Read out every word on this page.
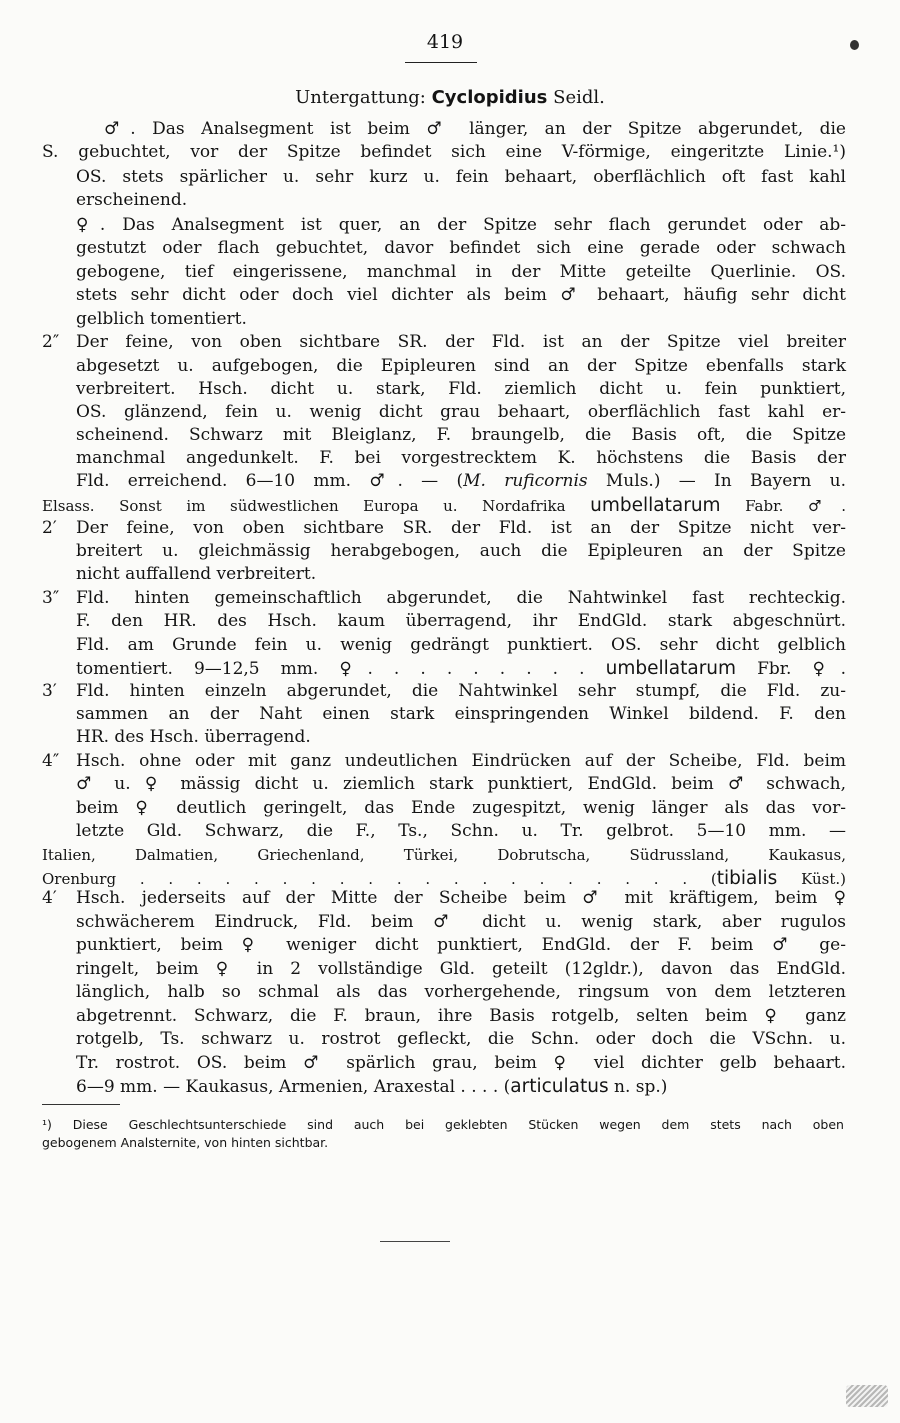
419
Untergattung: Cyclopidius Seidl.
♂. Das Analsegment ist beim ♂ länger, an der Spitze abgerundet, die
S. gebuchtet, vor der Spitze befindet sich eine V-förmige, eingeritzte Linie.¹)
OS. stets spärlicher u. sehr kurz u. fein behaart, oberflächlich oft fast kahl
erscheinend.
♀. Das Analsegment ist quer, an der Spitze sehr flach gerundet oder ab-
gestutzt oder flach gebuchtet, davor befindet sich eine gerade oder schwach
gebogene, tief eingerissene, manchmal in der Mitte geteilte Querlinie. OS.
stets sehr dicht oder doch viel dichter als beim ♂ behaart, häufig sehr dicht
gelblich tomentiert.
Der feine, von oben sichtbare SR. der Fld. ist an der Spitze viel breiter
2″
abgesetzt u. aufgebogen, die Epipleuren sind an der Spitze ebenfalls stark
verbreitert. Hsch. dicht u. stark, Fld. ziemlich dicht u. fein punktiert,
OS. glänzend, fein u. wenig dicht grau behaart, oberflächlich fast kahl er-
scheinend. Schwarz mit Bleiglanz, F. braungelb, die Basis oft, die Spitze
manchmal angedunkelt. F. bei vorgestrecktem K. höchstens die Basis der
Fld. erreichend. 6—10 mm. ♂. — (M. ruficornis Muls.) — In Bayern u.
Elsass. Sonst im südwestlichen Europa u. Nordafrika umbellatarum Fabr. ♂.
Der feine, von oben sichtbare SR. der Fld. ist an der Spitze nicht ver-
2′
breitert u. gleichmässig herabgebogen, auch die Epipleuren an der Spitze
nicht auffallend verbreitert.
Fld. hinten gemeinschaftlich abgerundet, die Nahtwinkel fast rechteckig.
3″
F. den HR. des Hsch. kaum überragend, ihr EndGld. stark abgeschnürt.
Fld. am Grunde fein u. wenig gedrängt punktiert. OS. sehr dicht gelblich
tomentiert. 9—12,5 mm. ♀. . . . . . . . . umbellatarum Fbr. ♀.
Fld. hinten einzeln abgerundet, die Nahtwinkel sehr stumpf, die Fld. zu-
3′
sammen an der Naht einen stark einspringenden Winkel bildend. F. den
HR. des Hsch. überragend.
Hsch. ohne oder mit ganz undeutlichen Eindrücken auf der Scheibe, Fld. beim
4″
♂ u. ♀ mässig dicht u. ziemlich stark punktiert, EndGld. beim ♂ schwach,
beim ♀ deutlich geringelt, das Ende zugespitzt, wenig länger als das vor-
letzte Gld. Schwarz, die F., Ts., Schn. u. Tr. gelbrot. 5—10 mm. —
Italien, Dalmatien, Griechenland, Türkei, Dobrutscha, Südrussland, Kaukasus,
Orenburg . . . . . . . . . . . . . . . . . . . . (tibialis Küst.)
Hsch. jederseits auf der Mitte der Scheibe beim ♂ mit kräftigem, beim ♀
4′
schwächerem Eindruck, Fld. beim ♂ dicht u. wenig stark, aber rugulos
punktiert, beim ♀ weniger dicht punktiert, EndGld. der F. beim ♂ ge-
ringelt, beim ♀ in 2 vollständige Gld. geteilt (12gldr.), davon das EndGld.
länglich, halb so schmal als das vorhergehende, ringsum von dem letzteren
abgetrennt. Schwarz, die F. braun, ihre Basis rotgelb, selten beim ♀ ganz
rotgelb, Ts. schwarz u. rostrot gefleckt, die Schn. oder doch die VSchn. u.
Tr. rostrot. OS. beim ♂ spärlich grau, beim ♀ viel dichter gelb behaart.
6—9 mm. — Kaukasus, Armenien, Araxestal . . . . (articulatus n. sp.)
¹) Diese Geschlechtsunterschiede sind auch bei geklebten Stücken wegen dem stets nach oben
gebogenem Analsternite, von hinten sichtbar.
